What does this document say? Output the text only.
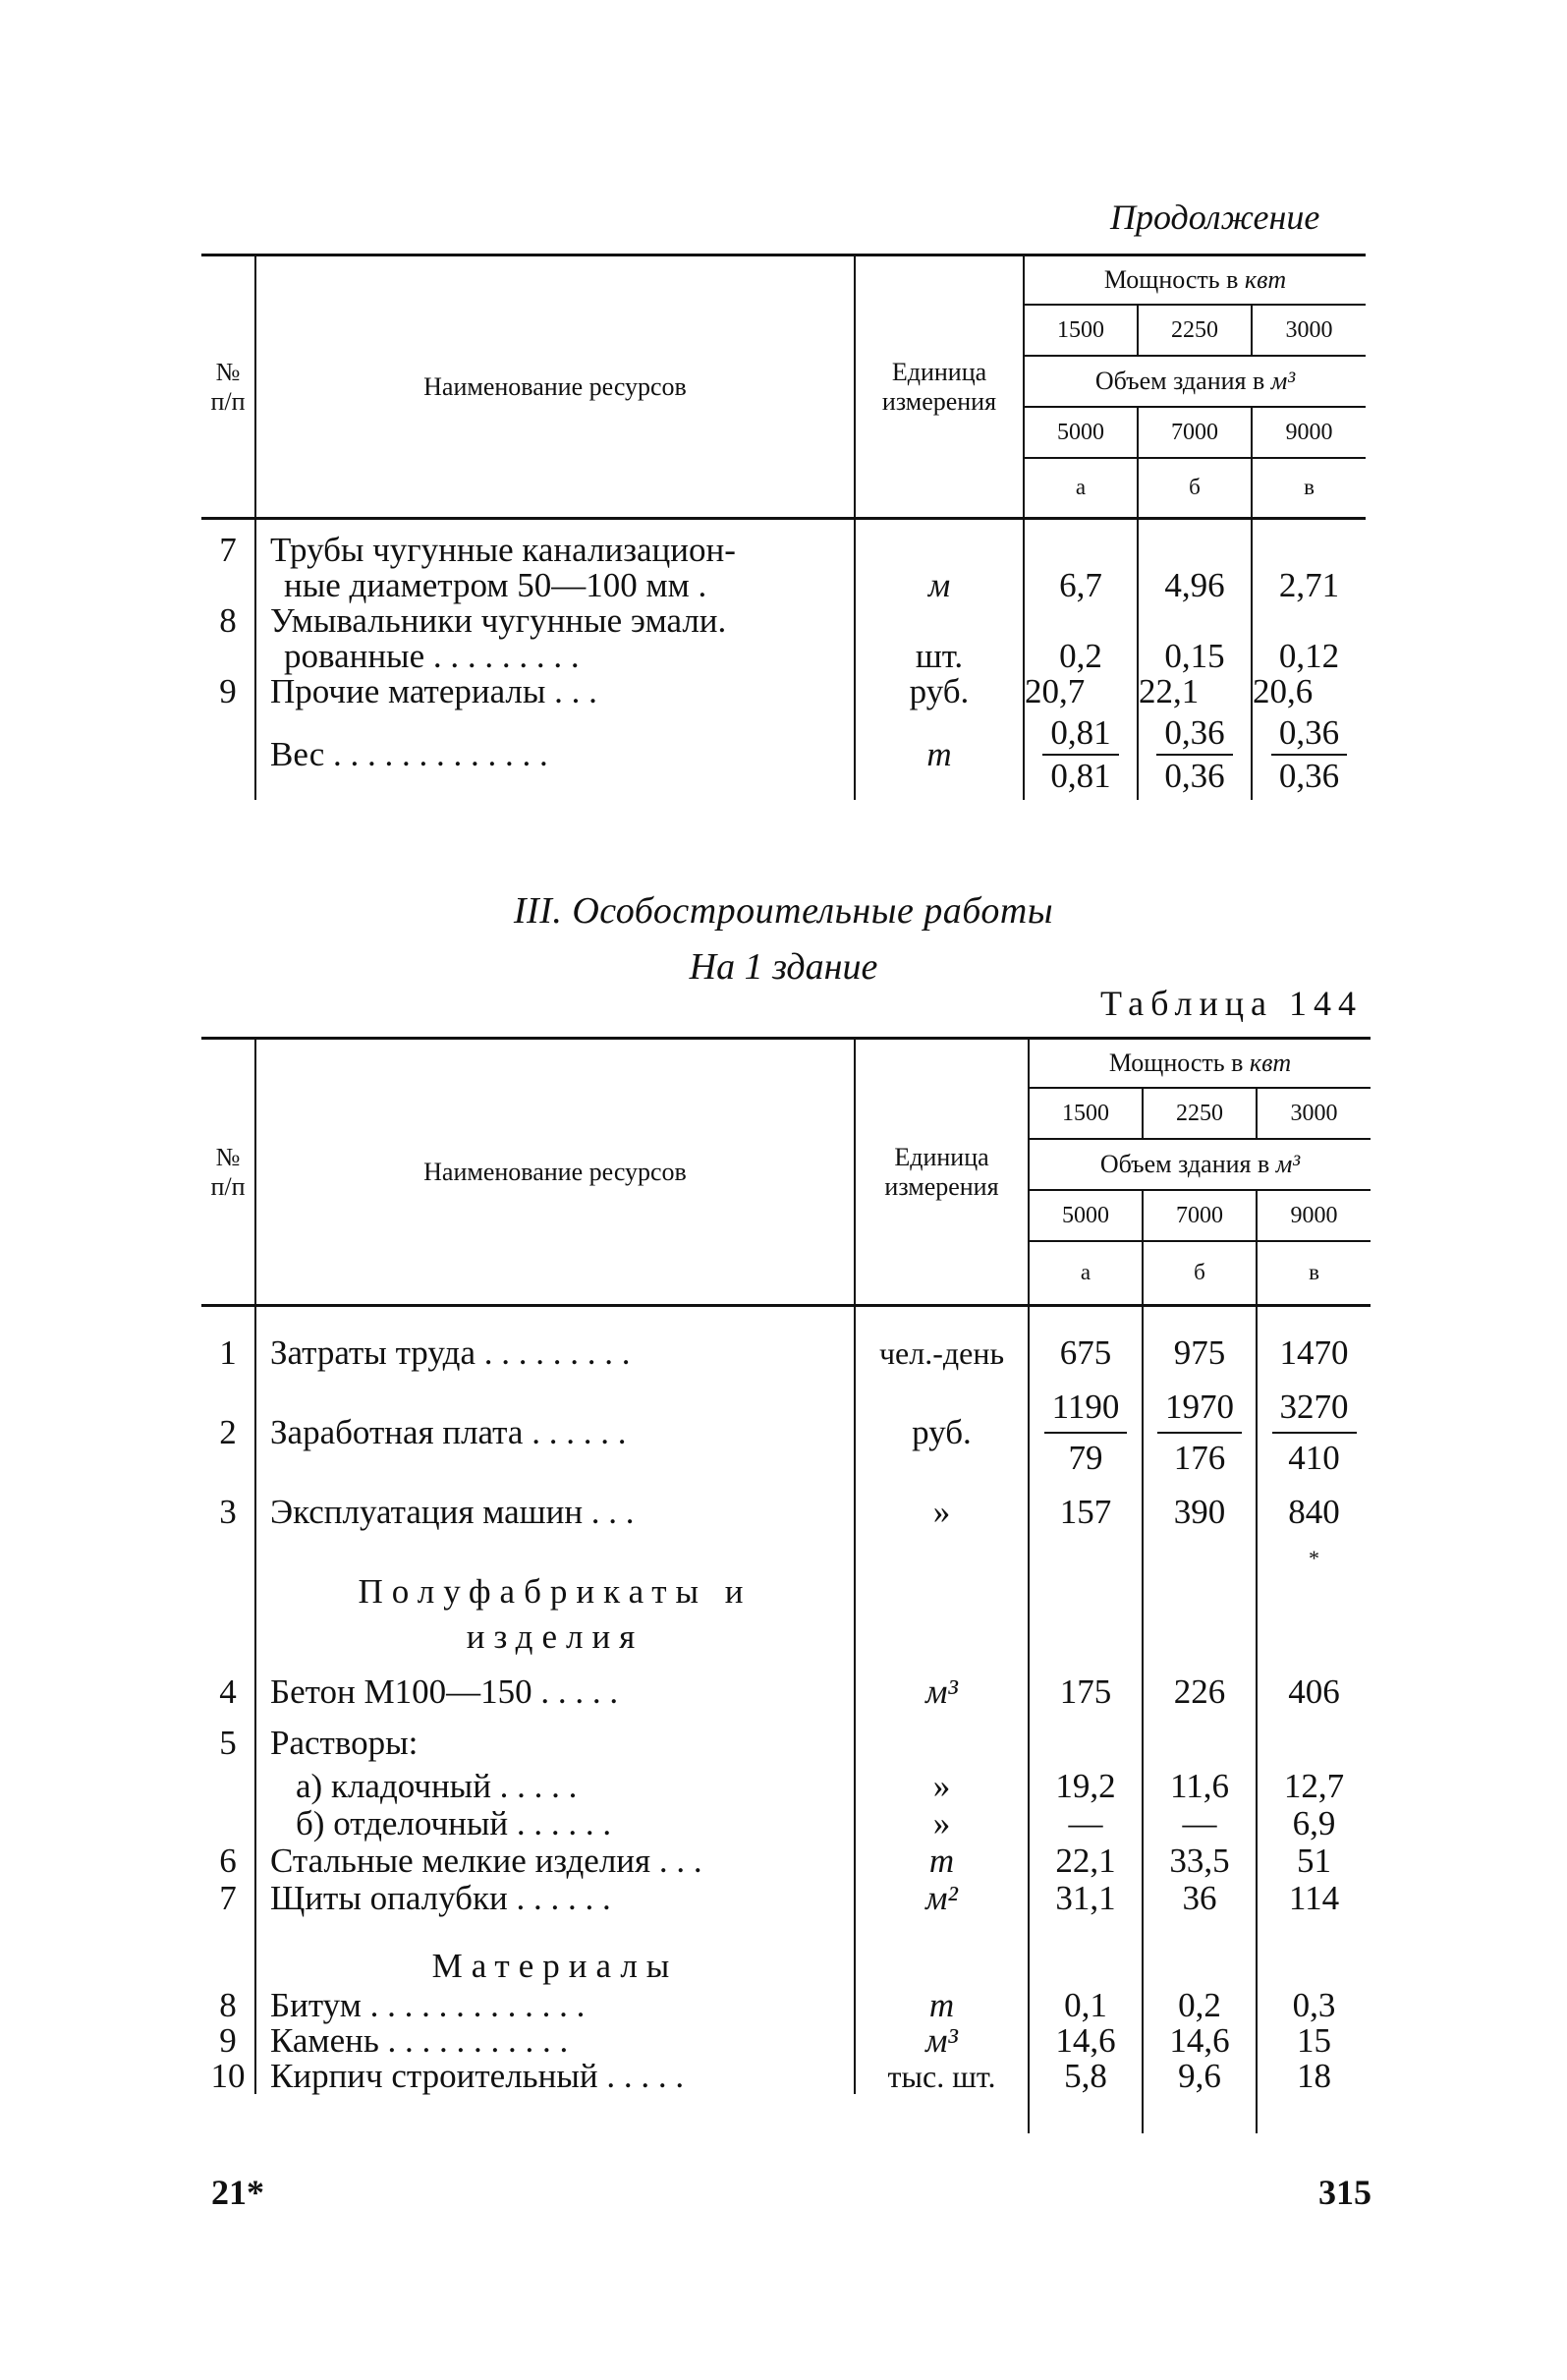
Продолжение
№
п/п	Наименование ресурсов	Единица
измерения	Мощность в квт		
			1500	2250	3000
			Объем здания в м³		
			5000	7000	9000
			а	б	в

7	Трубы чугунные канализацион-
ные диаметром 50—100 мм .	м	6,7	4,96	2,71
8	Умывальники чугунные эмали.
рованные . . . . . . . . .	шт.	0,2	0,15	0,12
9	Прочие материалы . . .	руб.	20,7	22,1	20,6
	Вес . . . . . . . . . . . . .	т	$\frac{0,81}{0,81}$	$\frac{0,36}{0,36}$	$\frac{0,36}{0,36}$
III. Особостроительные работы
На 1 здание
Таблица 144
№
п/п	Наименование ресурсов	Единица
измерения	Мощность в квт		
			1500	2250	3000
			Объем здания в м³		
			5000	7000	9000
			а	б	в

1	Затраты труда . . . . . . . . .	чел.-день	675	975	1470
2	Заработная плата . . . . . .	руб.	$\frac{1190}{79}$	$\frac{1970}{176}$	$\frac{3270}{410}$

3	Эксплуатация машин . . .	»	157	390	840
	Полуфабрикаты и
изделия				*
4	Бетон М100—150 . . . . .	м³	175	226	406
5	Растворы:				
	а) кладочный . . . . .	»	19,2	11,6	12,7
	б) отделочный . . . . . .	»	—	—	6,9
6	Стальные мелкие изделия . . .	т	22,1	33,5	51
7	Щиты опалубки . . . . . .	м²	31,1	36	114
	Материалы				
8	Битум . . . . . . . . . . . . .	т	0,1	0,2	0,3
9	Камень . . . . . . . . . . .	м³	14,6	14,6	15
10	Кирпич строительный . . . . .	тыс. шт.	5,8	9,6	18

21*	315
